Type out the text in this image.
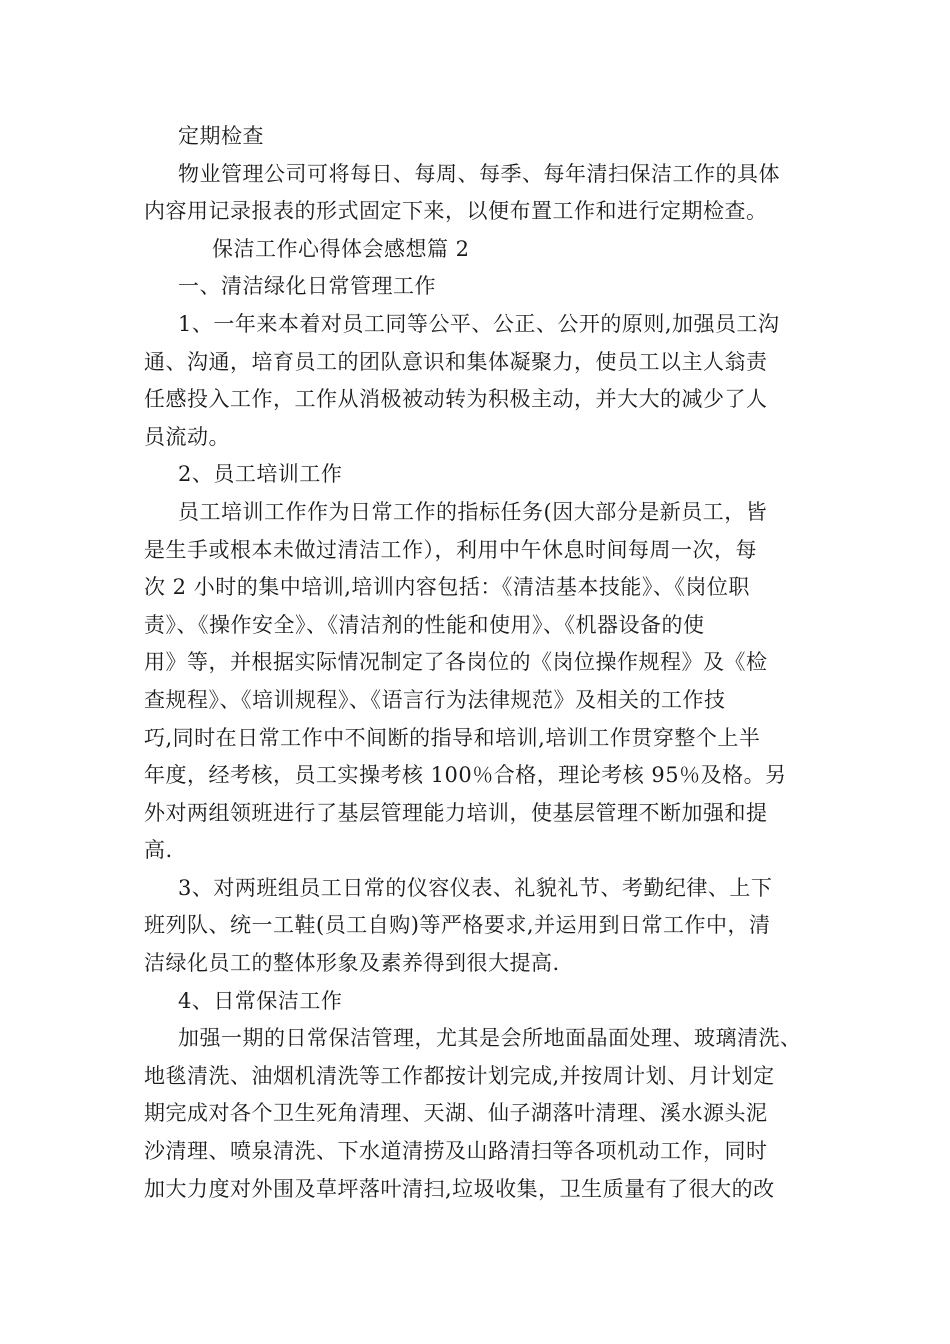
定期检查
物业管理公司可将每日、每周、每季、每年清扫保洁工作的具体
内容用记录报表的形式固定下来，以便布置工作和进行定期检查。
保洁工作心得体会感想篇 2
一、清洁绿化日常管理工作
1、一年来本着对员工同等公平、公正、公开的原则,加强员工沟
通、沟通，培育员工的团队意识和集体凝聚力，使员工以主人翁责
任感投入工作，工作从消极被动转为积极主动，并大大的减少了人
员流动。
2、员工培训工作
员工培训工作作为日常工作的指标任务(因大部分是新员工，皆
是生手或根本未做过清洁工作），利用中午休息时间每周一次，每
次 2 小时的集中培训,培训内容包括：《清洁基本技能》、《岗位职
责》、《操作安全》、《清洁剂的性能和使用》、《机器设备的使
用》等，并根据实际情况制定了各岗位的《岗位操作规程》及《检
查规程》、《培训规程》、《语言行为法律规范》及相关的工作技
巧,同时在日常工作中不间断的指导和培训,培训工作贯穿整个上半
年度，经考核，员工实操考核 100％合格，理论考核 95％及格。另
外对两组领班进行了基层管理能力培训，使基层管理不断加强和提
高.
3、对两班组员工日常的仪容仪表、礼貌礼节、考勤纪律、上下
班列队、统一工鞋(员工自购)等严格要求,并运用到日常工作中，清
洁绿化员工的整体形象及素养得到很大提高.
4、日常保洁工作
加强一期的日常保洁管理，尤其是会所地面晶面处理、玻璃清洗、
地毯清洗、油烟机清洗等工作都按计划完成,并按周计划、月计划定
期完成对各个卫生死角清理、天湖、仙子湖落叶清理、溪水源头泥
沙清理、喷泉清洗、下水道清捞及山路清扫等各项机动工作，同时
加大力度对外围及草坪落叶清扫,垃圾收集，卫生质量有了很大的改
